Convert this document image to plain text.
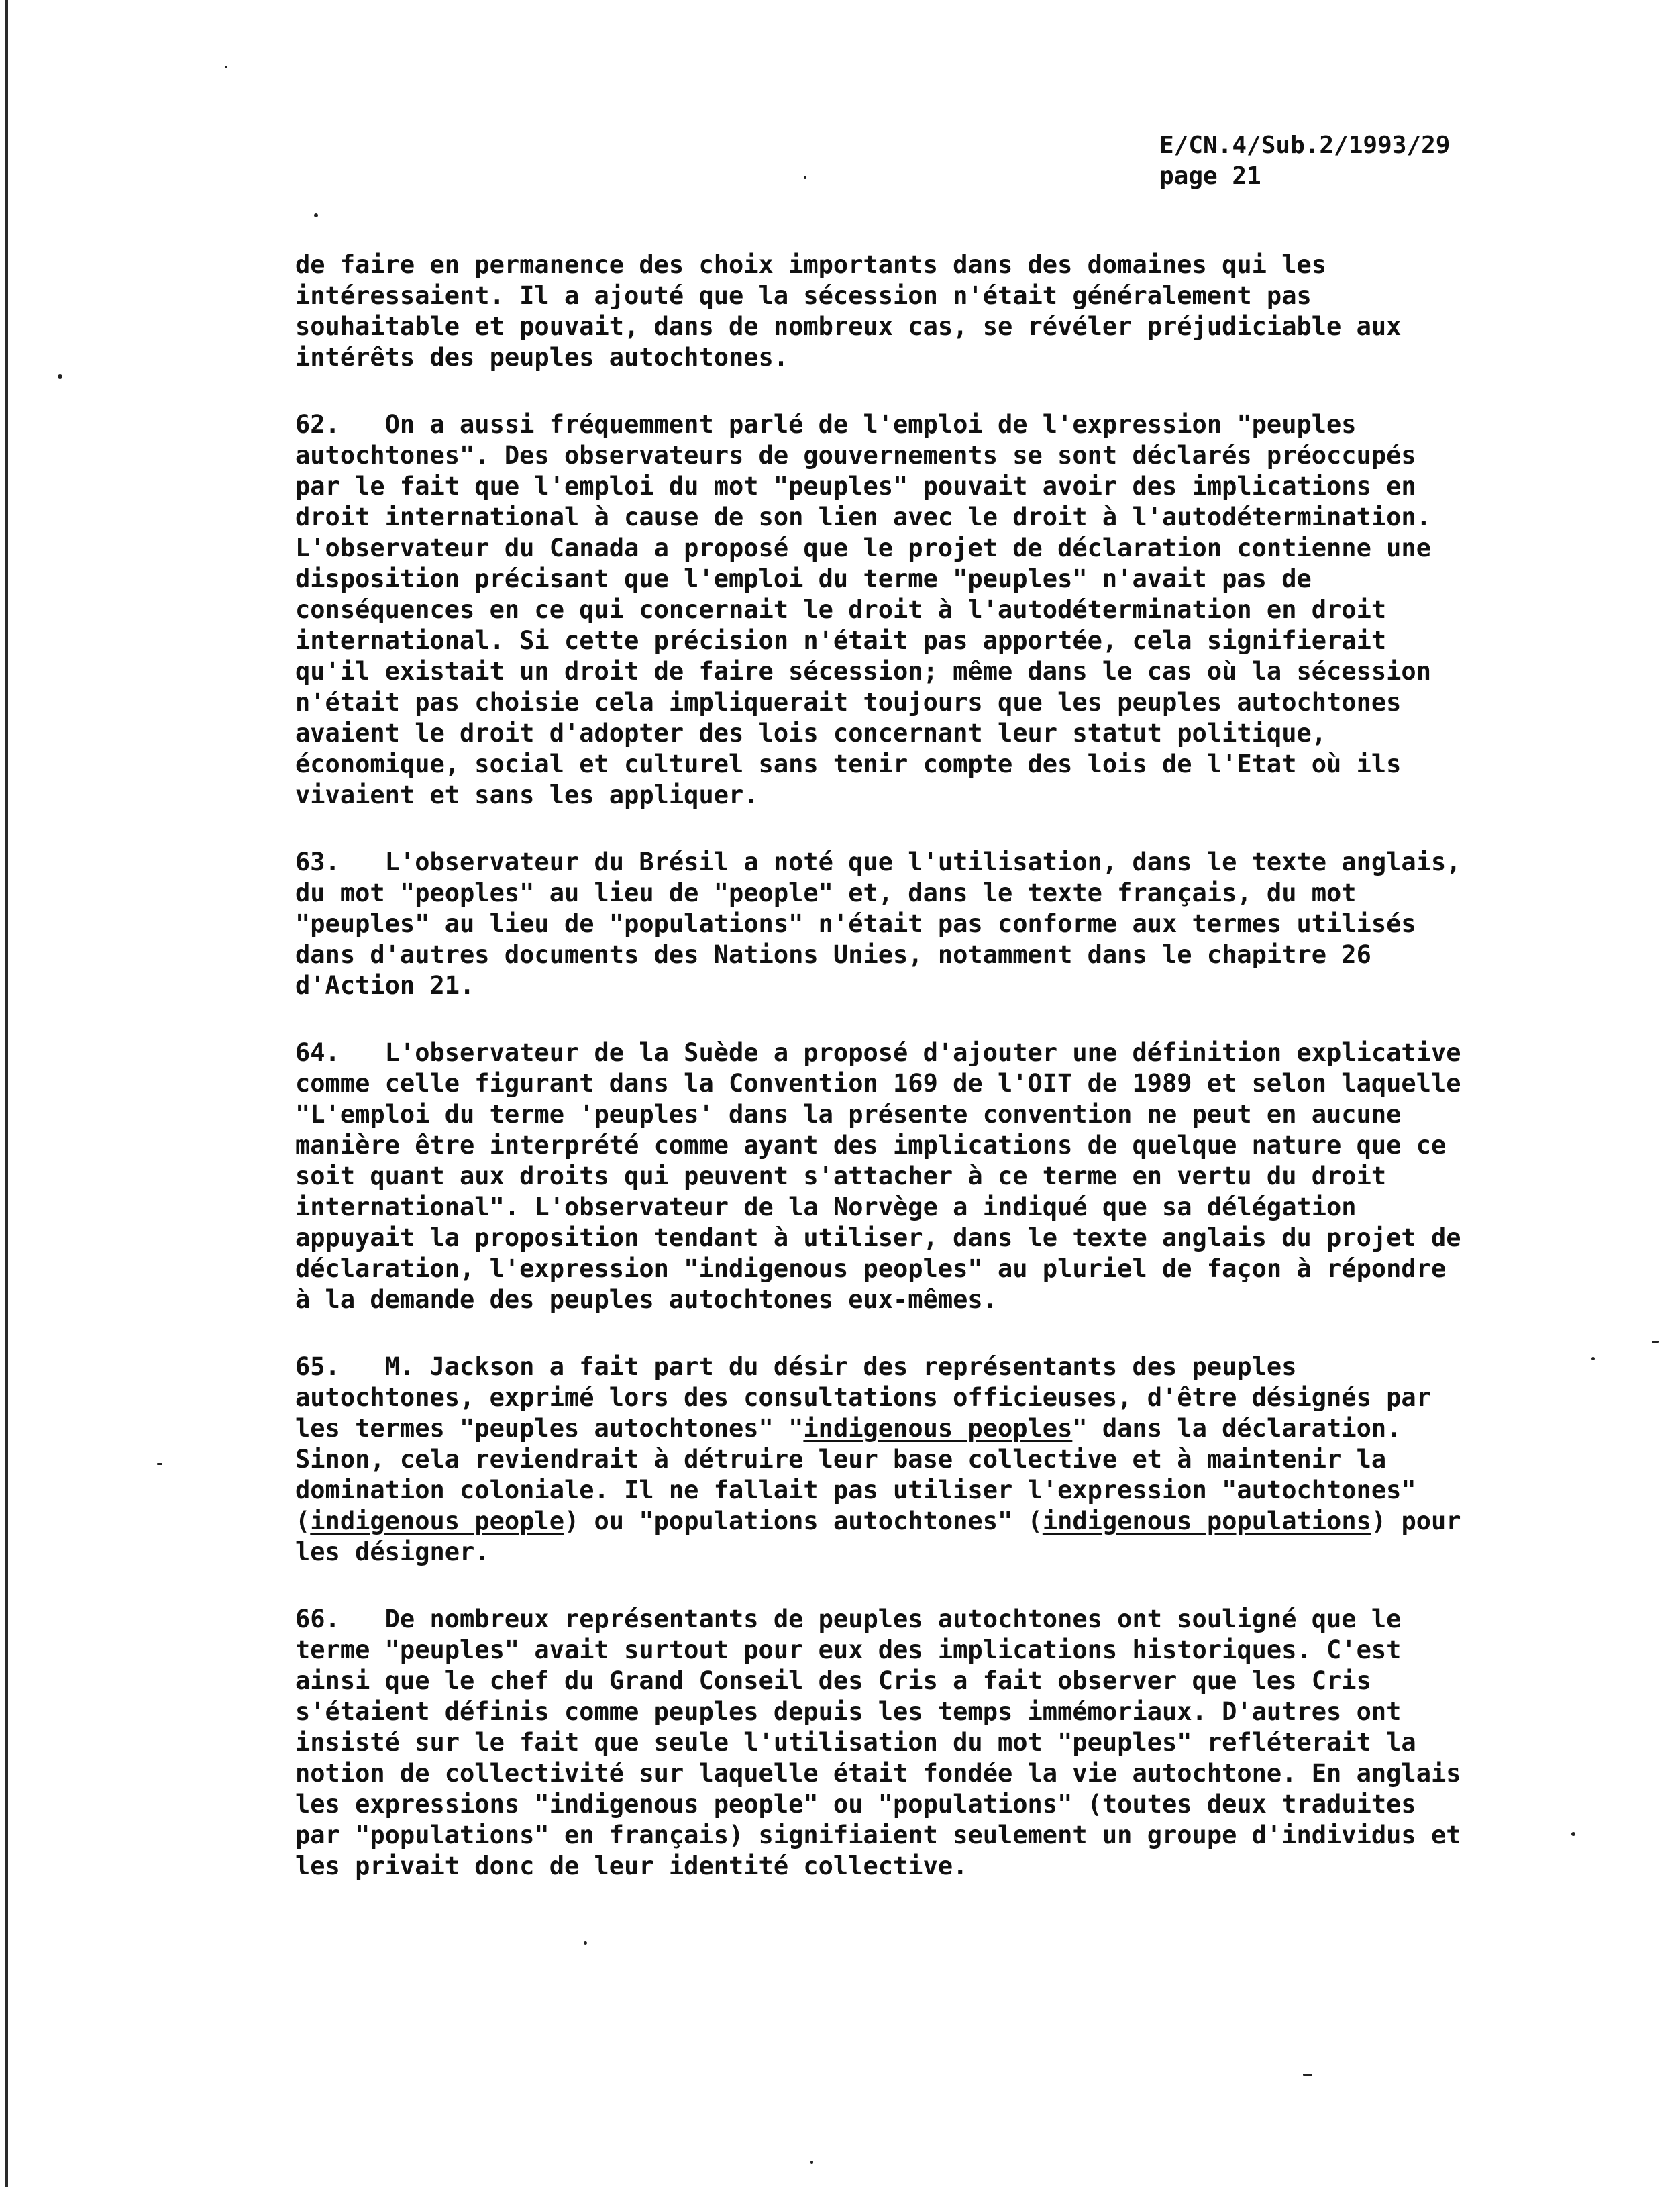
E/CN.4/Sub.2/1993/29
page 21
de faire en permanence des choix importants dans des domaines qui les
intéressaient. Il a ajouté que la sécession n'était généralement pas
souhaitable et pouvait, dans de nombreux cas, se révéler préjudiciable aux
intérêts des peuples autochtones.
62.   On a aussi fréquemment parlé de l'emploi de l'expression "peuples
autochtones". Des observateurs de gouvernements se sont déclarés préoccupés
par le fait que l'emploi du mot "peuples" pouvait avoir des implications en
droit international à cause de son lien avec le droit à l'autodétermination.
L'observateur du Canada a proposé que le projet de déclaration contienne une
disposition précisant que l'emploi du terme "peuples" n'avait pas de
conséquences en ce qui concernait le droit à l'autodétermination en droit
international. Si cette précision n'était pas apportée, cela signifierait
qu'il existait un droit de faire sécession; même dans le cas où la sécession
n'était pas choisie cela impliquerait toujours que les peuples autochtones
avaient le droit d'adopter des lois concernant leur statut politique,
économique, social et culturel sans tenir compte des lois de l'Etat où ils
vivaient et sans les appliquer.
63.   L'observateur du Brésil a noté que l'utilisation, dans le texte anglais,
du mot "peoples" au lieu de "people" et, dans le texte français, du mot
"peuples" au lieu de "populations" n'était pas conforme aux termes utilisés
dans d'autres documents des Nations Unies, notamment dans le chapitre 26
d'Action 21.
64.   L'observateur de la Suède a proposé d'ajouter une définition explicative
comme celle figurant dans la Convention 169 de l'OIT de 1989 et selon laquelle
"L'emploi du terme 'peuples' dans la présente convention ne peut en aucune
manière être interprété comme ayant des implications de quelque nature que ce
soit quant aux droits qui peuvent s'attacher à ce terme en vertu du droit
international". L'observateur de la Norvège a indiqué que sa délégation
appuyait la proposition tendant à utiliser, dans le texte anglais du projet de
déclaration, l'expression "indigenous peoples" au pluriel de façon à répondre
à la demande des peuples autochtones eux-mêmes.
65.   M. Jackson a fait part du désir des représentants des peuples
autochtones, exprimé lors des consultations officieuses, d'être désignés par
les termes "peuples autochtones" "indigenous peoples" dans la déclaration.
Sinon, cela reviendrait à détruire leur base collective et à maintenir la
domination coloniale. Il ne fallait pas utiliser l'expression "autochtones"
(indigenous people) ou "populations autochtones" (indigenous populations) pour
les désigner.
66.   De nombreux représentants de peuples autochtones ont souligné que le
terme "peuples" avait surtout pour eux des implications historiques. C'est
ainsi que le chef du Grand Conseil des Cris a fait observer que les Cris
s'étaient définis comme peuples depuis les temps immémoriaux. D'autres ont
insisté sur le fait que seule l'utilisation du mot "peuples" refléterait la
notion de collectivité sur laquelle était fondée la vie autochtone. En anglais
les expressions "indigenous people" ou "populations" (toutes deux traduites
par "populations" en français) signifiaient seulement un groupe d'individus et
les privait donc de leur identité collective.
